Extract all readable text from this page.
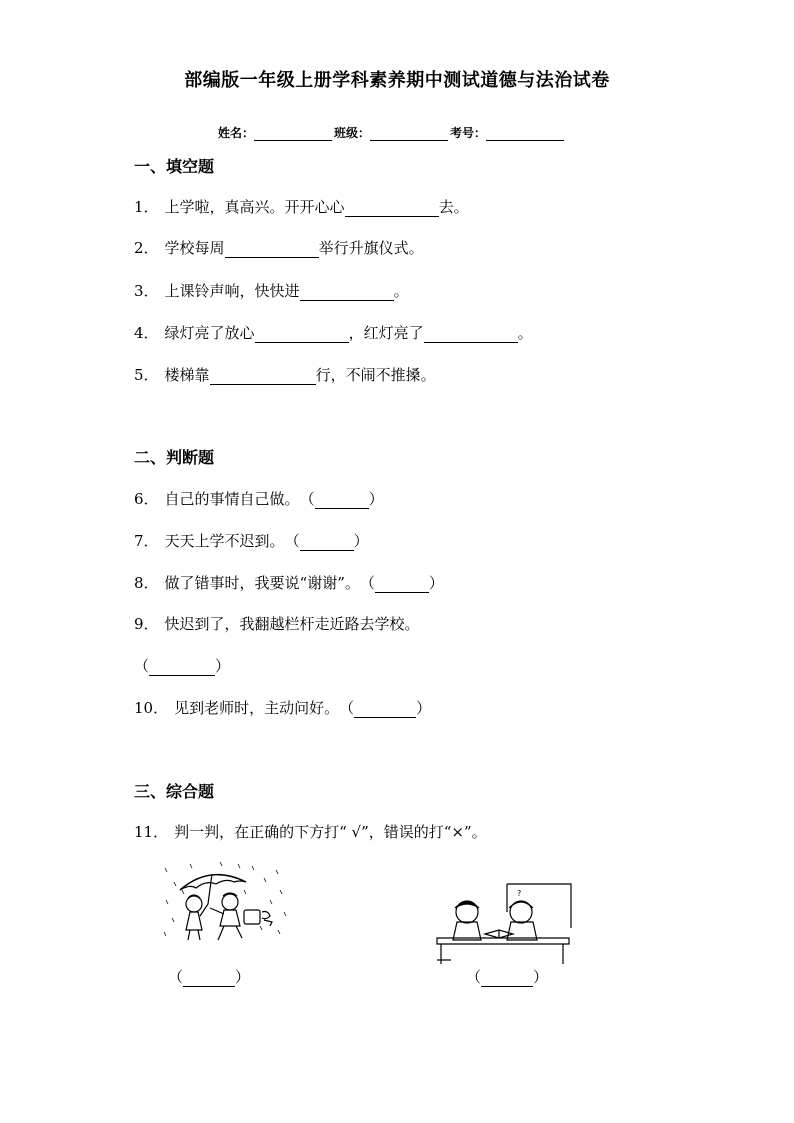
部编版一年级上册学科素养期中测试道德与法治试卷
姓名：	班级：	考号：
一、填空题
1． 上学啦，真高兴。开开心心	去。
2． 学校每周	举行升旗仪式。
3． 上课铃声响，快快进	。
4． 绿灯亮了放心	，红灯亮了	。
5． 楼梯靠	行，不闹不推搡。
二、判断题
6． 自己的事情自己做。 （	）
7． 天天上学不迟到。 （	）
8． 做了错事时，我要说“谢谢”。 （	）
9． 快迟到了，我翻越栏杆走近路去学校。
（	）
10． 见到老师时，主动问好。 （	）
三、综合题
11． 判一判，在正确的下方打“ √”，错误的打“×”。
?
（	）	（	）
